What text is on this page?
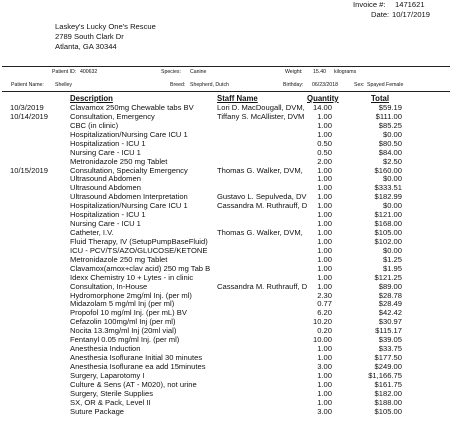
Invoice #: 1471621
Date: 10/17/2019
Laskey's Lucky One's Rescue
2789 South Clark Dr
Atlanta, GA 30344
Patient ID: 400632	Species: Canine	Weight: 15.40 kilograms
Patient Name: Shelley	Breed: Shepherd, Dutch	Birthday: 06/23/2018	Sex: Spayed Female
Description	Staff Name	Quantity	Total
10/3/2019	Clavamox 250mg Chewable tabs BV	Lori D. MacDougall, DVM,	14.00	$59.19
10/14/2019	Consultation, Emergency	Tiffany S. McAllister, DVM	1.00	$111.00
CBC (in clinic)	1.00	$85.25
Hospitalization/Nursing Care ICU 1	1.00	$0.00
Hospitalization - ICU 1	0.50	$80.50
Nursing Care - ICU 1	0.50	$84.00
Metronidazole 250 mg Tablet	2.00	$2.50
10/15/2019	Consultation, Specialty Emergency	Thomas G. Walker, DVM,	1.00	$160.00
Ultrasound Abdomen	1.00	$0.00
Ultrasound Abdomen	1.00	$333.51
Ultrasound Abdomen Interpretation	Gustavo L. Sepulveda, DV	1.00	$182.99
Hospitalization/Nursing Care ICU 1	Cassandra M. Ruthrauff, D	1.00	$0.00
Hospitalization - ICU 1	1.00	$121.00
Nursing Care - ICU 1	1.00	$168.00
Catheter, I.V.	Thomas G. Walker, DVM,	1.00	$105.00
Fluid Therapy, IV (SetupPumpBaseFluid)	1.00	$102.00
ICU - PCV/TS/AZO/GLUCOSE/KETONE	1.00	$0.00
Metronidazole 250 mg Tablet	1.00	$1.25
Clavamox(amox+clav acid) 250 mg Tab B	1.00	$1.95
Idexx Chemistry 10 + Lytes - in clinic	1.00	$121.25
Consultation, In-House	Cassandra M. Ruthrauff, D	1.00	$89.00
Hydromorphone 2mg/ml Inj. (per ml)	2.30	$28.78
Midazolam 5 mg/ml Inj (per ml)	0.77	$28.49
Propofol 10 mg/ml Inj. (per mL) BV	6.20	$42.42
Cefazolin 100mg/ml Inj (per ml)	10.20	$30.97
Nocita 13.3mg/ml Inj (20ml vial)	0.20	$115.17
Fentanyl 0.05 mg/ml Inj. (per ml)	10.00	$39.05
Anesthesia Induction	1.00	$33.75
Anesthesia Isoflurane Initial 30 minutes	1.00	$177.50
Anesthesia Isoflurane ea add 15minutes	3.00	$249.00
Surgery, Laparotomy I	1.00	$1,166.75
Culture & Sens (AT - M020), not urine	1.00	$161.75
Surgery, Sterile Supplies	1.00	$182.00
SX, OR & Pack, Level II	1.00	$188.00
Suture Package	3.00	$105.00
